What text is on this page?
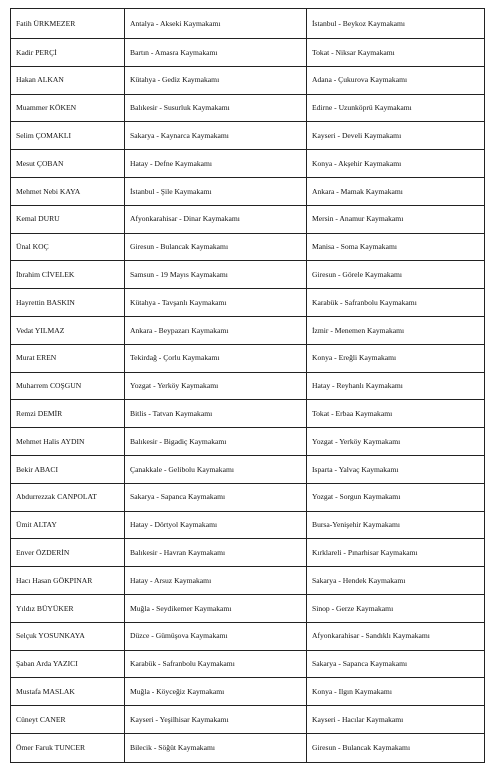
Fatih ÜRKMEZER	Antalya - Akseki Kaymakamı	İstanbul - Beykoz Kaymakamı
Kadir PERÇİ	Bartın - Amasra Kaymakamı	Tokat - Niksar Kaymakamı
Hakan ALKAN	Kütahya - Gediz Kaymakamı	Adana - Çukurova Kaymakamı
Muammer KÖKEN	Balıkesir - Susurluk Kaymakamı	Edirne - Uzunköprü Kaymakamı
Selim ÇOMAKLI	Sakarya - Kaynarca Kaymakamı	Kayseri - Develi Kaymakamı
Mesut ÇOBAN	Hatay - Defne Kaymakamı	Konya - Akşehir Kaymakamı
Mehmet Nebi KAYA	İstanbul - Şile Kaymakamı	Ankara - Mamak Kaymakamı
Kemal DURU	Afyonkarahisar - Dinar Kaymakamı	Mersin - Anamur Kaymakamı
Ünal KOÇ	Giresun - Bulancak Kaymakamı	Manisa - Soma Kaymakamı
İbrahim CİVELEK	Samsun - 19 Mayıs Kaymakamı	Giresun - Görele Kaymakamı
Hayrettin BASKIN	Kütahya - Tavşanlı Kaymakamı	Karabük - Safranbolu Kaymakamı
Vedat YILMAZ	Ankara - Beypazarı Kaymakamı	İzmir - Menemen Kaymakamı
Murat EREN	Tekirdağ - Çorlu Kaymakamı	Konya - Ereğli Kaymakamı
Muharrem COŞGUN	Yozgat - Yerköy Kaymakamı	Hatay - Reyhanlı Kaymakamı
Remzi DEMİR	Bitlis - Tatvan Kaymakamı	Tokat - Erbaa Kaymakamı
Mehmet Halis AYDIN	Balıkesir - Bigadiç Kaymakamı	Yozgat - Yerköy Kaymakamı
Bekir ABACI	Çanakkale - Gelibolu Kaymakamı	Isparta - Yalvaç Kaymakamı
Abdurrezzak CANPOLAT	Sakarya - Sapanca Kaymakamı	Yozgat - Sorgun Kaymakamı
Ümit ALTAY	Hatay - Dörtyol Kaymakamı	Bursa-Yenişehir Kaymakamı
Enver ÖZDERİN	Balıkesir - Havran Kaymakamı	Kırklareli - Pınarhisar Kaymakamı
Hacı Hasan GÖKPINAR	Hatay - Arsuz Kaymakamı	Sakarya - Hendek Kaymakamı
Yıldız BÜYÜKER	Muğla - Seydikemer Kaymakamı	Sinop - Gerze Kaymakamı
Selçuk YOSUNKAYA	Düzce - Gümüşova Kaymakamı	Afyonkarahisar - Sandıklı Kaymakamı
Şaban Arda YAZICI	Karabük - Safranbolu Kaymakamı	Sakarya - Sapanca Kaymakamı
Mustafa MASLAK	Muğla - Köyceğiz Kaymakamı	Konya - Ilgın Kaymakamı
Cüneyt CANER	Kayseri - Yeşilhisar Kaymakamı	Kayseri - Hacılar Kaymakamı
Ömer Faruk TUNCER	Bilecik - Söğüt Kaymakamı	Giresun - Bulancak Kaymakamı
